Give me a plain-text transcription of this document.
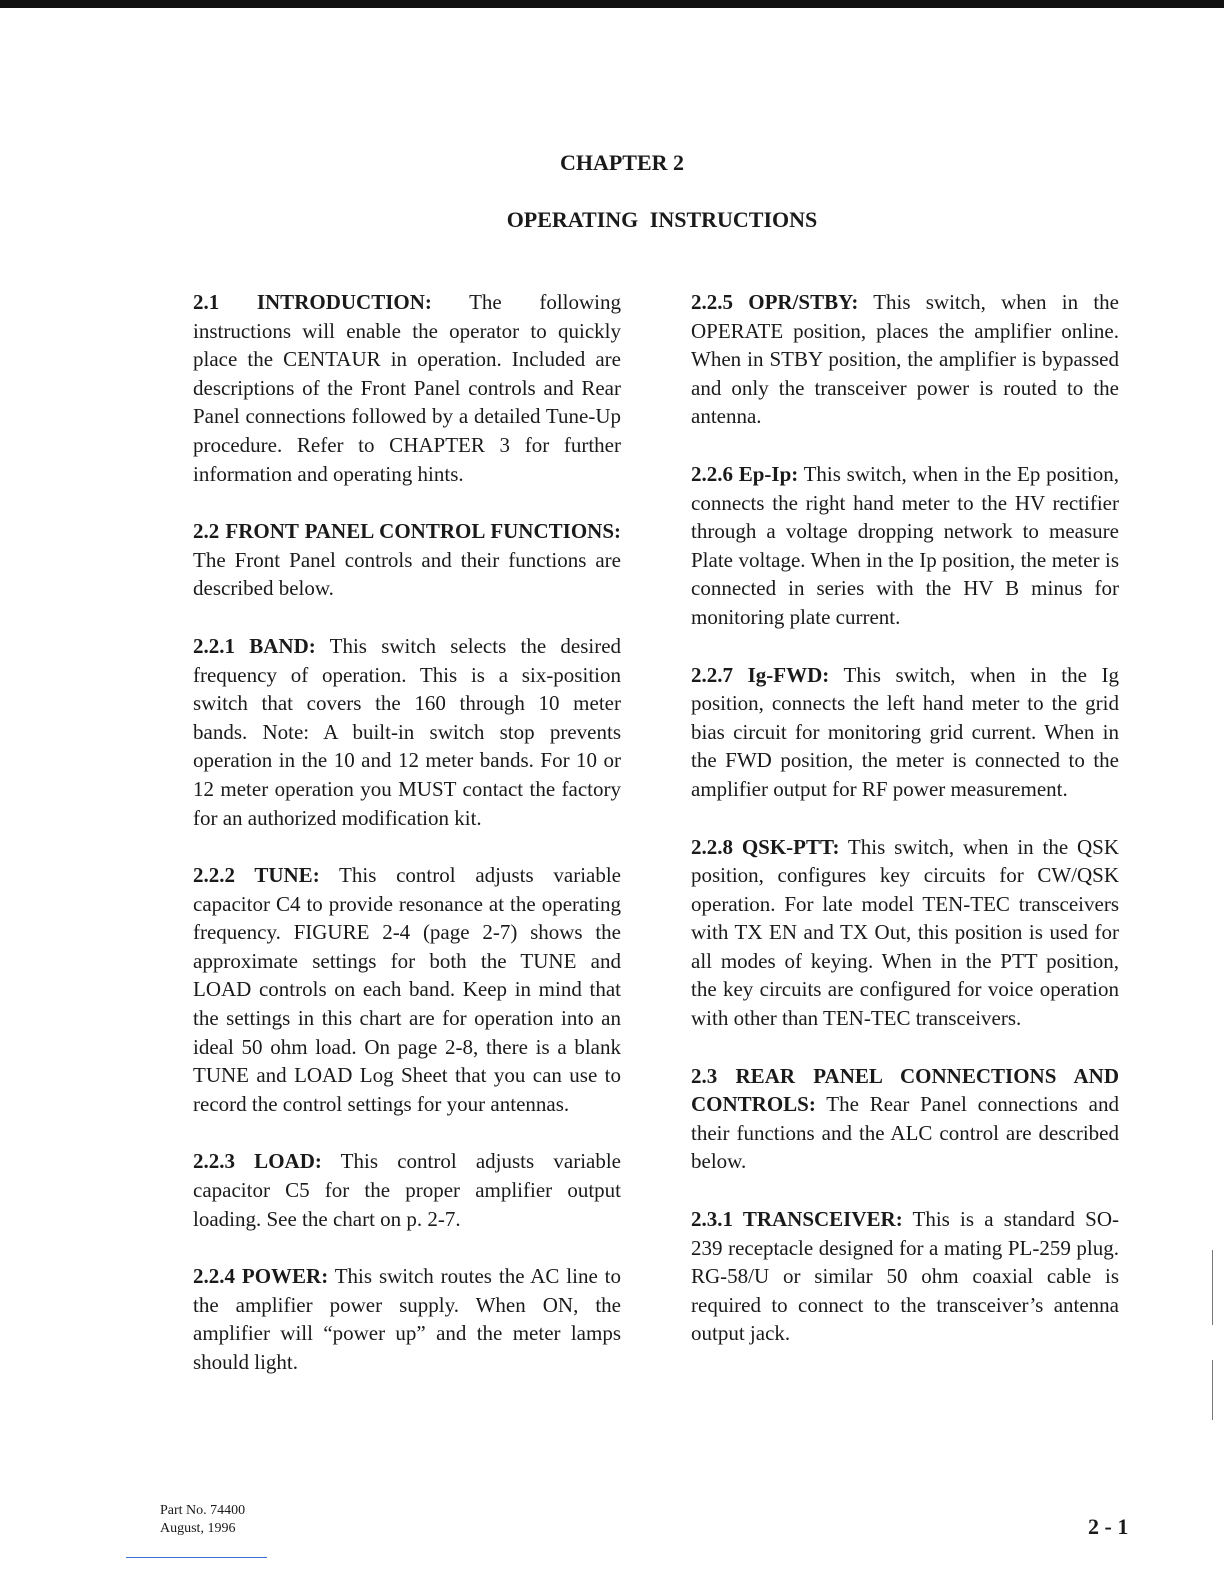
CHAPTER 2
OPERATING INSTRUCTIONS

2.1 INTRODUCTION: The following instructions will enable the operator to quickly place the CENTAUR in operation. Included are descriptions of the Front Panel controls and Rear Panel connections followed by a detailed Tune-Up procedure. Refer to CHAPTER 3 for further information and operating hints.

2.2 FRONT PANEL CONTROL FUNCTIONS: The Front Panel controls and their functions are described below.

2.2.1 BAND: This switch selects the desired frequency of operation. This is a six-position switch that covers the 160 through 10 meter bands. Note: A built-in switch stop prevents operation in the 10 and 12 meter bands. For 10 or 12 meter operation you MUST contact the factory for an authorized modification kit.

2.2.2 TUNE: This control adjusts variable capacitor C4 to provide resonance at the operating frequency. FIGURE 2-4 (page 2-7) shows the approximate settings for both the TUNE and LOAD controls on each band. Keep in mind that the settings in this chart are for operation into an ideal 50 ohm load. On page 2-8, there is a blank TUNE and LOAD Log Sheet that you can use to record the control settings for your antennas.

2.2.3 LOAD: This control adjusts variable capacitor C5 for the proper amplifier output loading. See the chart on p. 2-7.

2.2.4 POWER: This switch routes the AC line to the amplifier power supply. When ON, the amplifier will “power up” and the meter lamps should light.

2.2.5 OPR/STBY: This switch, when in the OPERATE position, places the amplifier online. When in STBY position, the amplifier is bypassed and only the transceiver power is routed to the antenna.

2.2.6 Ep-Ip: This switch, when in the Ep position, connects the right hand meter to the HV rectifier through a voltage dropping network to measure Plate voltage. When in the Ip position, the meter is connected in series with the HV B minus for monitoring plate current.

2.2.7 Ig-FWD: This switch, when in the Ig position, connects the left hand meter to the grid bias circuit for monitoring grid current. When in the FWD position, the meter is connected to the amplifier output for RF power measurement.

2.2.8 QSK-PTT: This switch, when in the QSK position, configures key circuits for CW/QSK operation. For late model TEN-TEC transceivers with TX EN and TX Out, this position is used for all modes of keying. When in the PTT position, the key circuits are configured for voice operation with other than TEN-TEC transceivers.

2.3 REAR PANEL CONNECTIONS AND CONTROLS: The Rear Panel connections and their functions and the ALC control are described below.

2.3.1 TRANSCEIVER: This is a standard SO-239 receptacle designed for a mating PL-259 plug. RG-58/U or similar 50 ohm coaxial cable is required to connect to the transceiver’s antenna output jack.

Part No. 74400
August, 1996	2 - 1
